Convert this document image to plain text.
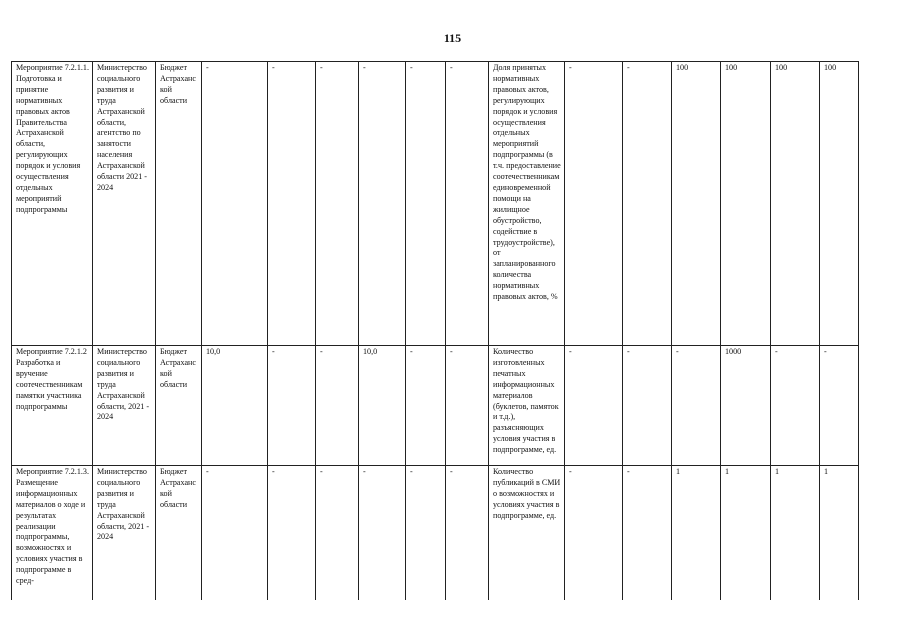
115
Мероприятие 7.2.1.1. Подготовка и принятие нормативных правовых актов Правительства Астраханской области, регулирующих порядок и условия осуществления отдельных мероприятий подпрограммы	Министерство социального развития и труда Астраханской области, агентство по занятости населения Астраханской области 2021 - 2024	Бюджет Астраханской области	-	-	-	-	-	-	Доля принятых нормативных правовых актов, регулирующих порядок и условия осуществления отдельных мероприятий подпрограммы (в т.ч. предоставление соотечественникам единовременной помощи на жилищное обустройство, содействие в трудоустройстве), от запланированного количества нормативных правовых актов, %	-	-	100	100	100	100
Мероприятие 7.2.1.2 Разработка и вручение соотечественникам памятки участника подпрограммы	Министерство социального развития и труда Астраханской области, 2021 - 2024	Бюджет Астраханской области	10,0	-	-	10,0	-	-	Количество изготовленных печатных информационных материалов (буклетов, памяток и т.д.), разъясняющих условия участия в подпрограмме, ед.	-	-	-	1000	-	-
Мероприятие 7.2.1.3. Размещение информационных материалов о ходе и результатах реализации подпрограммы, возможностях и условиях участия в подпрограмме в сред-	Министерство социального развития и труда Астраханской области, 2021 - 2024	Бюджет Астраханской области	-	-	-	-	-	-	Количество публикаций в СМИ о возможностях и условиях участия в подпрограмме, ед.	-	-	1	1	1	1
